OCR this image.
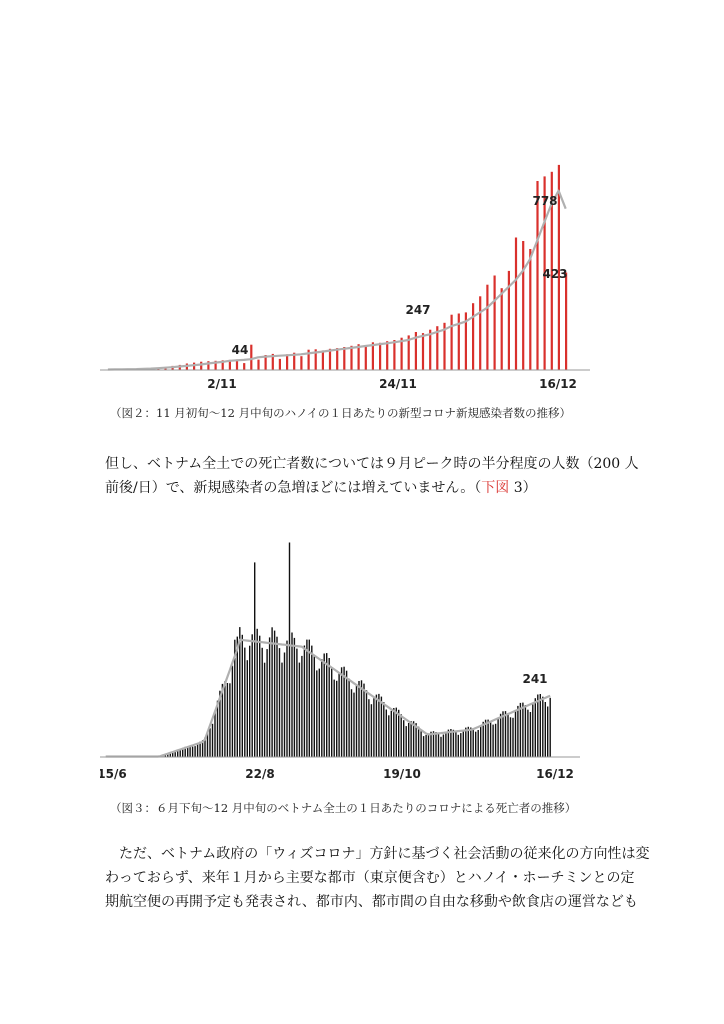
2/11	24/11	16/12
44
247
778
423
（図２：11 月初旬〜12 月中旬のハノイの１日あたりの新型コロナ新規感染者数の推移）

但し、ベトナム全土での死亡者数については９月ピーク時の半分程度の人数（200 人

前後/日）で、新規感染者の急増ほどには増えていません。（下図 3）

15/6	22/8	19/10	16/12
241
（図３：６月下旬〜12 月中旬のベトナム全土の１日あたりのコロナによる死亡者の推移）

　ただ、ベトナム政府の「ウィズコロナ」方針に基づく社会活動の従来化の方向性は変

わっておらず、来年１月から主要な都市（東京便含む）とハノイ・ホーチミンとの定

期航空便の再開予定も発表され、都市内、都市間の自由な移動や飲食店の運営なども
